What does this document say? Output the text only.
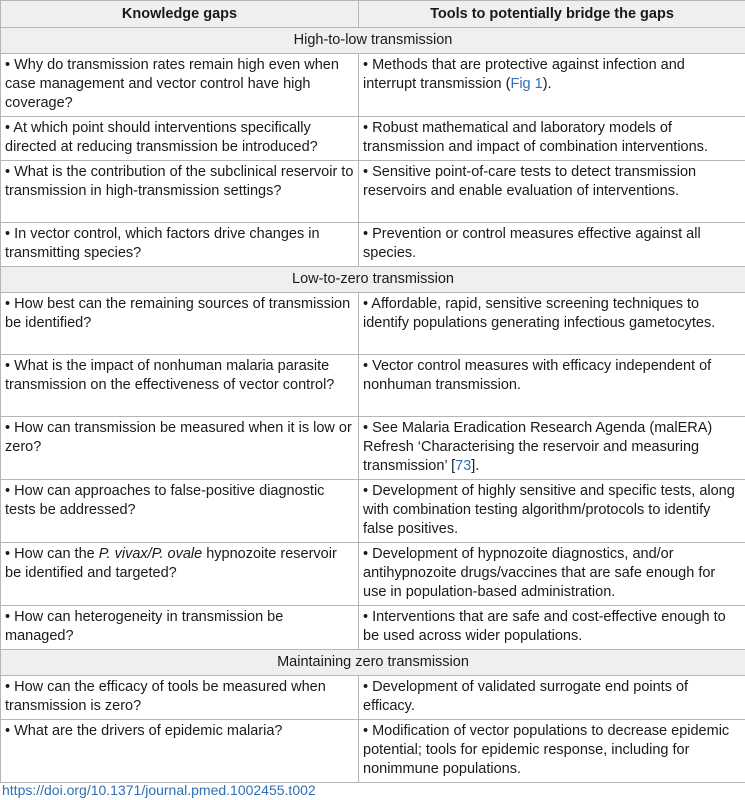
Knowledge gaps	Tools to potentially bridge the gaps
High-to-low transmission	
• Why do transmission rates remain high even when case management and vector control have high coverage?	• Methods that are protective against infection and interrupt transmission (Fig 1).
• At which point should interventions specifically directed at reducing transmission be introduced?	• Robust mathematical and laboratory models of transmission and impact of combination interventions.
• What is the contribution of the subclinical reservoir to transmission in high-transmission settings?	• Sensitive point-of-care tests to detect transmission reservoirs and enable evaluation of interventions.
• In vector control, which factors drive changes in transmitting species?	• Prevention or control measures effective against all species.
Low-to-zero transmission	
• How best can the remaining sources of transmission be identified?	• Affordable, rapid, sensitive screening techniques to identify populations generating infectious gametocytes.
• What is the impact of nonhuman malaria parasite transmission on the effectiveness of vector control?	• Vector control measures with efficacy independent of nonhuman transmission.
• How can transmission be measured when it is low or zero?	• See Malaria Eradication Research Agenda (malERA) Refresh ‘Characterising the reservoir and measuring transmission’ [73].
• How can approaches to false-positive diagnostic tests be addressed?	• Development of highly sensitive and specific tests, along with combination testing algorithm/protocols to identify false positives.
• How can the P. vivax/P. ovale hypnozoite reservoir be identified and targeted?	• Development of hypnozoite diagnostics, and/or antihypnozoite drugs/vaccines that are safe enough for use in population-based administration.
• How can heterogeneity in transmission be managed?	• Interventions that are safe and cost-effective enough to be used across wider populations.
Maintaining zero transmission	
• How can the efficacy of tools be measured when transmission is zero?	• Development of validated surrogate end points of efficacy.
• What are the drivers of epidemic malaria?	• Modification of vector populations to decrease epidemic potential; tools for epidemic response, including for nonimmune populations.
https://doi.org/10.1371/journal.pmed.1002455.t002
